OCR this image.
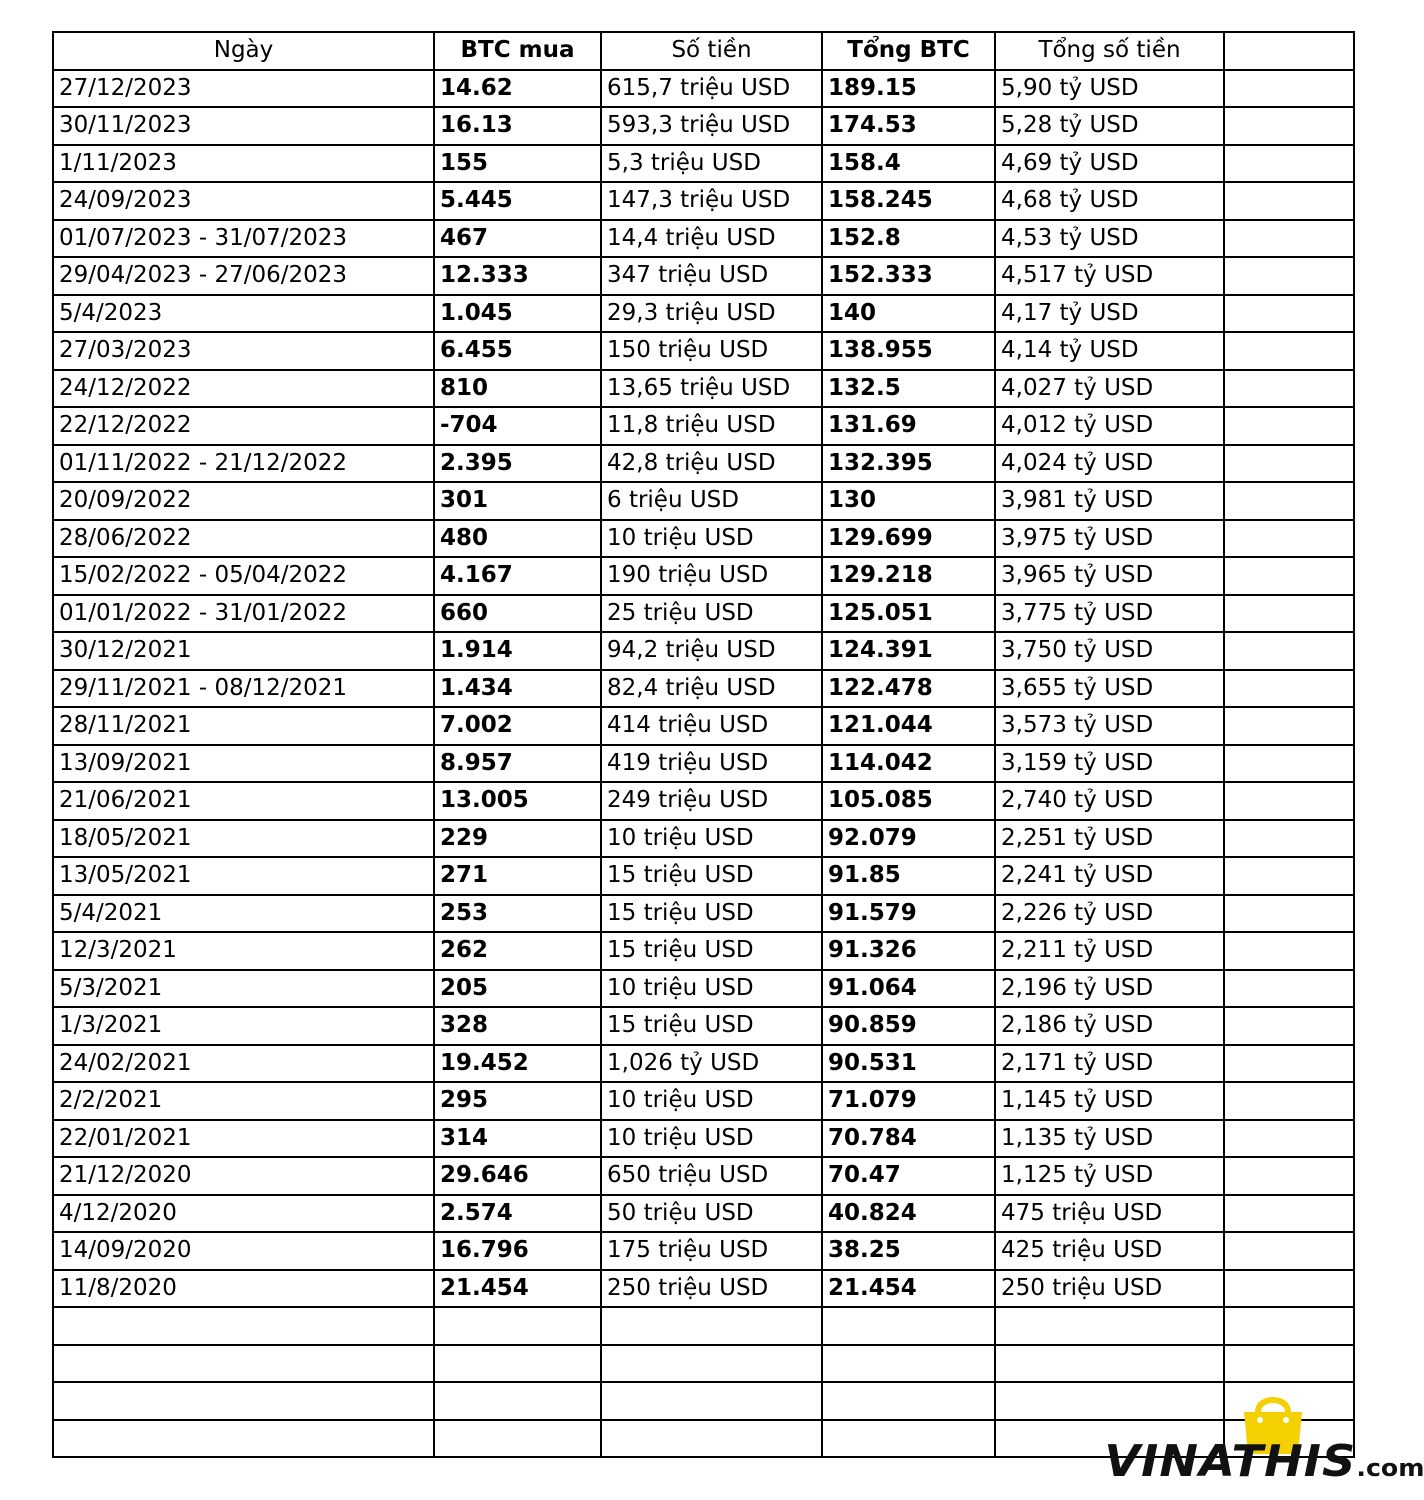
Ngày	BTC mua	Số tiền	Tổng BTC	Tổng số tiền	
27/12/2023	14.62	615,7 triệu USD	189.15	5,90 tỷ USD	
30/11/2023	16.13	593,3 triệu USD	174.53	5,28 tỷ USD	
1/11/2023	155	5,3 triệu USD	158.4	4,69 tỷ USD	
24/09/2023	5.445	147,3 triệu USD	158.245	4,68 tỷ USD	
01/07/2023 - 31/07/2023	467	14,4 triệu USD	152.8	4,53 tỷ USD	
29/04/2023 - 27/06/2023	12.333	347 triệu USD	152.333	4,517 tỷ USD	
5/4/2023	1.045	29,3 triệu USD	140	4,17 tỷ USD	
27/03/2023	6.455	150 triệu USD	138.955	4,14 tỷ USD	
24/12/2022	810	13,65 triệu USD	132.5	4,027 tỷ USD	
22/12/2022	-704	11,8 triệu USD	131.69	4,012 tỷ USD	
01/11/2022 - 21/12/2022	2.395	42,8 triệu USD	132.395	4,024 tỷ USD	
20/09/2022	301	6 triệu USD	130	3,981 tỷ USD	
28/06/2022	480	10 triệu USD	129.699	3,975 tỷ USD	
15/02/2022 - 05/04/2022	4.167	190 triệu USD	129.218	3,965 tỷ USD	
01/01/2022 - 31/01/2022	660	25 triệu USD	125.051	3,775 tỷ USD	
30/12/2021	1.914	94,2 triệu USD	124.391	3,750 tỷ USD	
29/11/2021 - 08/12/2021	1.434	82,4 triệu USD	122.478	3,655 tỷ USD	
28/11/2021	7.002	414 triệu USD	121.044	3,573 tỷ USD	
13/09/2021	8.957	419 triệu USD	114.042	3,159 tỷ USD	
21/06/2021	13.005	249 triệu USD	105.085	2,740 tỷ USD	
18/05/2021	229	10 triệu USD	92.079	2,251 tỷ USD	
13/05/2021	271	15 triệu USD	91.85	2,241 tỷ USD	
5/4/2021	253	15 triệu USD	91.579	2,226 tỷ USD	
12/3/2021	262	15 triệu USD	91.326	2,211 tỷ USD	
5/3/2021	205	10 triệu USD	91.064	2,196 tỷ USD	
1/3/2021	328	15 triệu USD	90.859	2,186 tỷ USD	
24/02/2021	19.452	1,026 tỷ USD	90.531	2,171 tỷ USD	
2/2/2021	295	10 triệu USD	71.079	1,145 tỷ USD	
22/01/2021	314	10 triệu USD	70.784	1,135 tỷ USD	
21/12/2020	29.646	650 triệu USD	70.47	1,125 tỷ USD	
4/12/2020	2.574	50 triệu USD	40.824	475 triệu USD	
14/09/2020	16.796	175 triệu USD	38.25	425 triệu USD	
11/8/2020	21.454	250 triệu USD	21.454	250 triệu USD	

VINATHIS.com
